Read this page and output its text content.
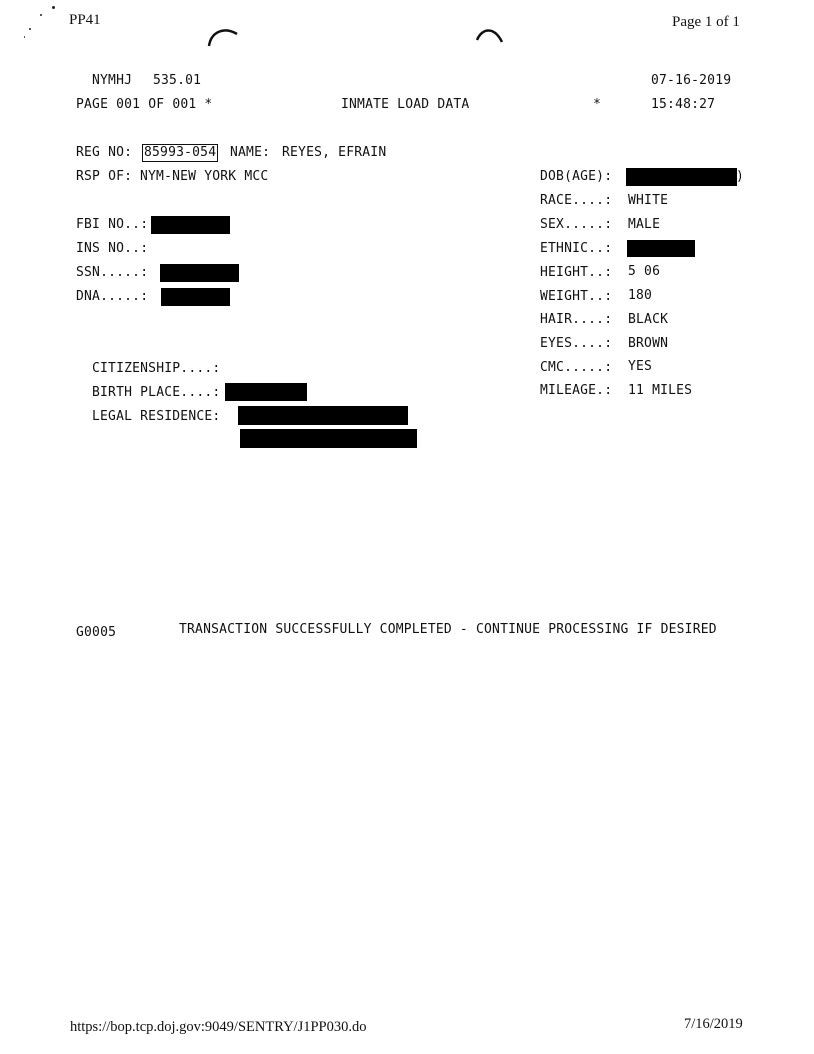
PP41	Page 1 of 1
NYMHJ 535.01	07-16-2019
PAGE 001 OF 001 *	INMATE LOAD DATA	*	15:48:27
REG NO: 85993-054 NAME: REYES, EFRAIN
RSP OF: NYM-NEW YORK MCC
FBI NO..:
INS NO..:
SSN.....:
DNA.....:
CITIZENSHIP....:
BIRTH PLACE....:
LEGAL RESIDENCE:
DOB(AGE):	)
RACE....: WHITE
SEX.....: MALE
ETHNIC..:
HEIGHT..: 5 06
WEIGHT..: 180
HAIR....: BLACK
EYES....: BROWN
CMC.....: YES
MILEAGE.: 11 MILES
G0005	TRANSACTION SUCCESSFULLY COMPLETED - CONTINUE PROCESSING IF DESIRED
https://bop.tcp.doj.gov:9049/SENTRY/J1PP030.do	7/16/2019
